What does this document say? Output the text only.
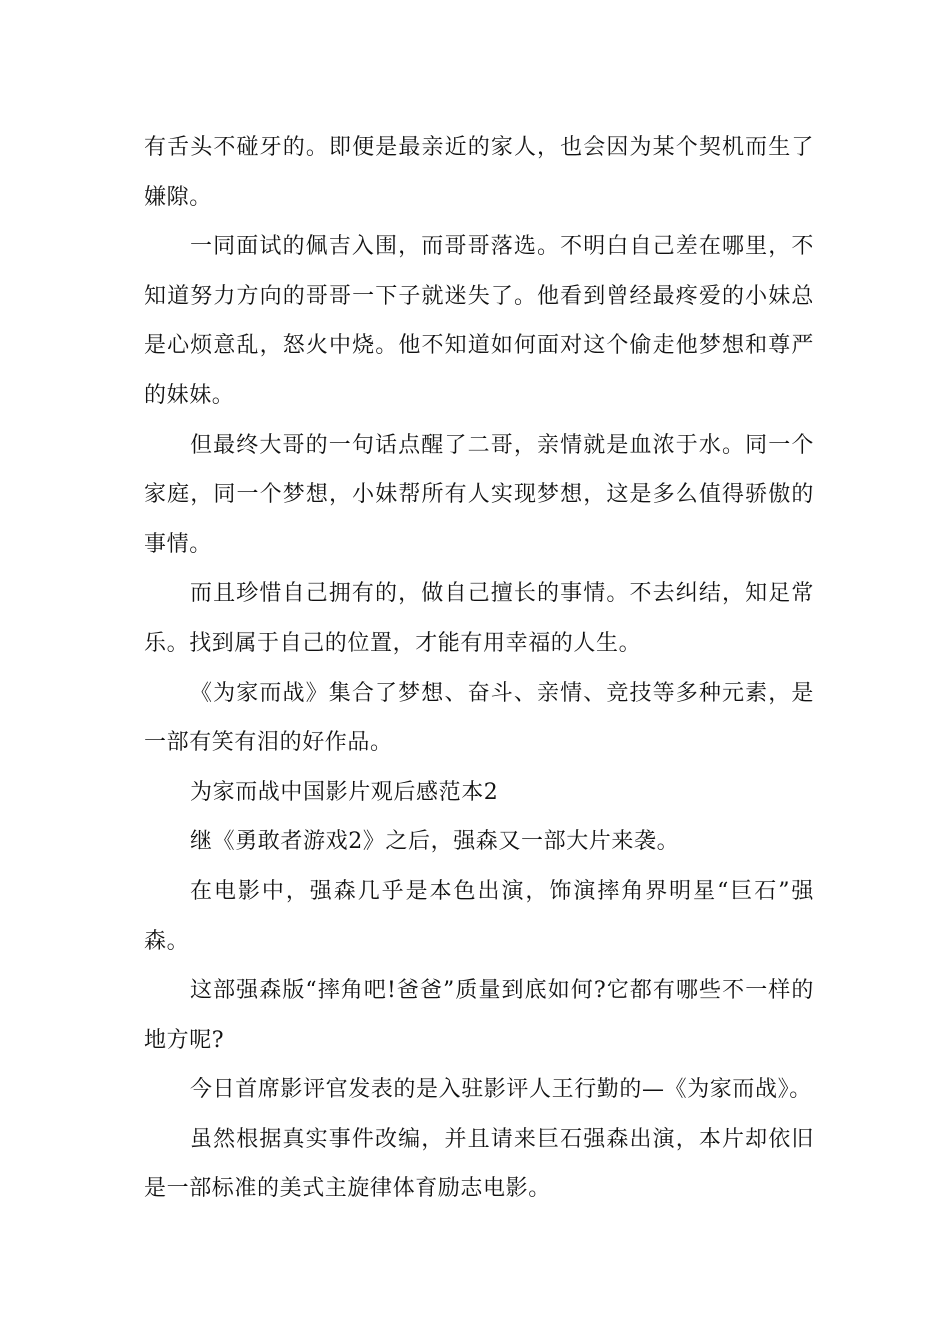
有舌头不碰牙的。即便是最亲近的家人，也会因为某个契机而生了嫌隙。

一同面试的佩吉入围，而哥哥落选。不明白自己差在哪里，不知道努力方向的哥哥一下子就迷失了。他看到曾经最疼爱的小妹总是心烦意乱，怒火中烧。他不知道如何面对这个偷走他梦想和尊严的妹妹。

但最终大哥的一句话点醒了二哥，亲情就是血浓于水。同一个家庭，同一个梦想，小妹帮所有人实现梦想，这是多么值得骄傲的事情。

而且珍惜自己拥有的，做自己擅长的事情。不去纠结，知足常乐。找到属于自己的位置，才能有用幸福的人生。

《为家而战》集合了梦想、奋斗、亲情、竞技等多种元素，是一部有笑有泪的好作品。

为家而战中国影片观后感范本2

继《勇敢者游戏2》之后，强森又一部大片来袭。

在电影中，强森几乎是本色出演，饰演摔角界明星“巨石”强森。

这部强森版“摔角吧!爸爸”质量到底如何?它都有哪些不一样的地方呢?

今日首席影评官发表的是入驻影评人王行勤的—《为家而战》。

虽然根据真实事件改编，并且请来巨石强森出演，本片却依旧是一部标准的美式主旋律体育励志电影。
